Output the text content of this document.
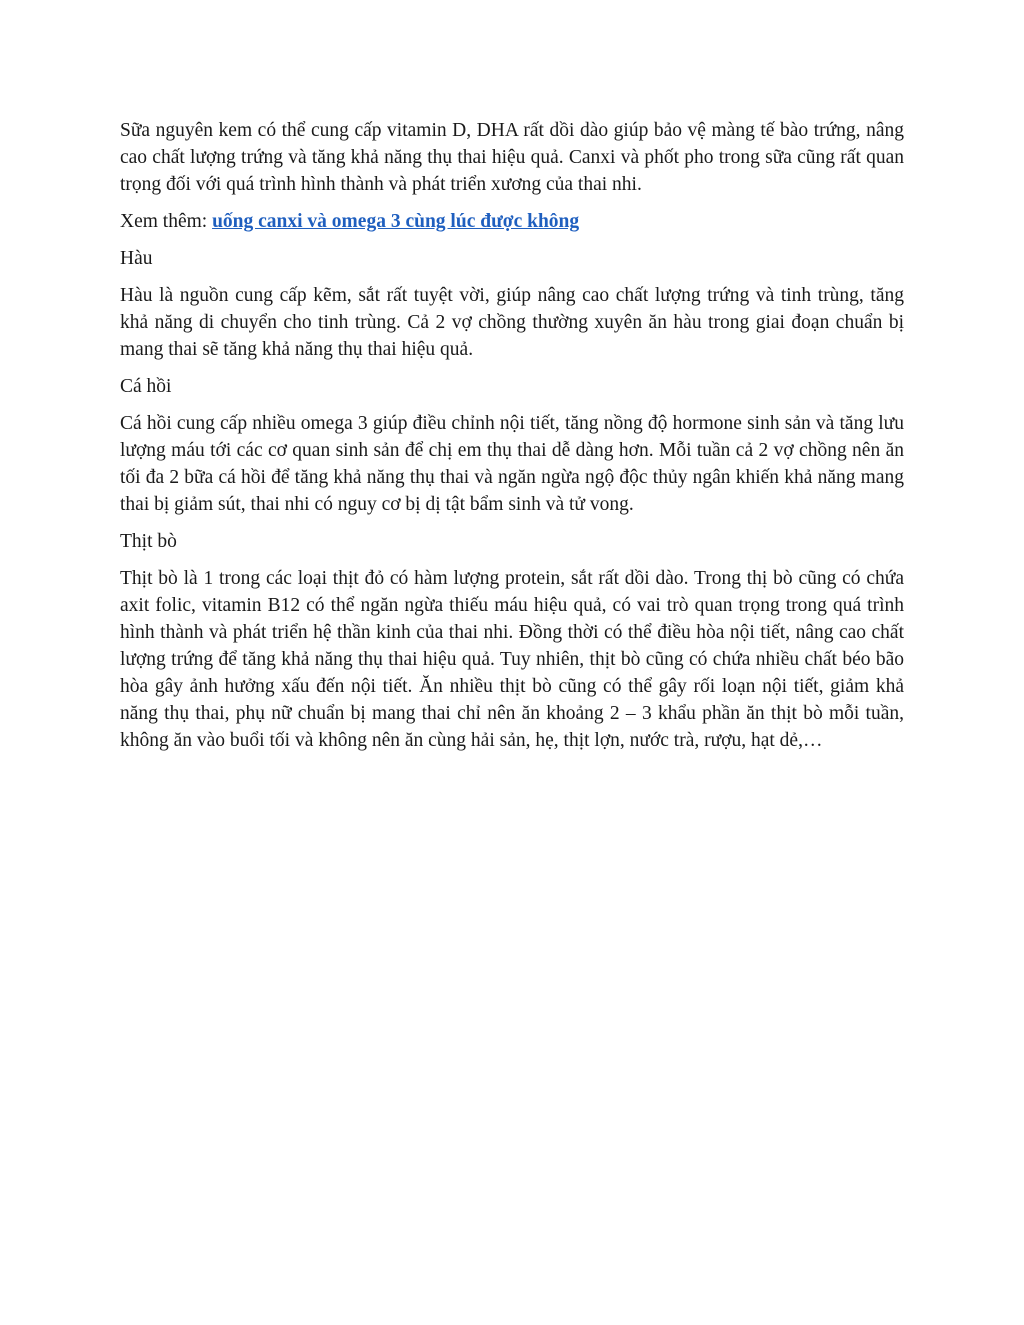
Sữa nguyên kem có thể cung cấp vitamin D, DHA rất dồi dào giúp bảo vệ màng tế bào trứng, nâng cao chất lượng trứng và tăng khả năng thụ thai hiệu quả. Canxi và phốt pho trong sữa cũng rất quan trọng đối với quá trình hình thành và phát triển xương của thai nhi.

Xem thêm: uống canxi và omega 3 cùng lúc được không

Hàu

Hàu là nguồn cung cấp kẽm, sắt rất tuyệt vời, giúp nâng cao chất lượng trứng và tinh trùng, tăng khả năng di chuyển cho tinh trùng. Cả 2 vợ chồng thường xuyên ăn hàu trong giai đoạn chuẩn bị mang thai sẽ tăng khả năng thụ thai hiệu quả.

Cá hồi

Cá hồi cung cấp nhiều omega 3 giúp điều chỉnh nội tiết, tăng nồng độ hormone sinh sản và tăng lưu lượng máu tới các cơ quan sinh sản để chị em thụ thai dễ dàng hơn. Mỗi tuần cả 2 vợ chồng nên ăn tối đa 2 bữa cá hồi để tăng khả năng thụ thai và ngăn ngừa ngộ độc thủy ngân khiến khả năng mang thai bị giảm sút, thai nhi có nguy cơ bị dị tật bẩm sinh và tử vong.

Thịt bò

Thịt bò là 1 trong các loại thịt đỏ có hàm lượng protein, sắt rất dồi dào. Trong thị bò cũng có chứa axit folic, vitamin B12 có thể ngăn ngừa thiếu máu hiệu quả, có vai trò quan trọng trong quá trình hình thành và phát triển hệ thần kinh của thai nhi. Đồng thời có thể điều hòa nội tiết, nâng cao chất lượng trứng để tăng khả năng thụ thai hiệu quả. Tuy nhiên, thịt bò cũng có chứa nhiều chất béo bão hòa gây ảnh hưởng xấu đến nội tiết. Ăn nhiều thịt bò cũng có thể gây rối loạn nội tiết, giảm khả năng thụ thai, phụ nữ chuẩn bị mang thai chỉ nên ăn khoảng 2 – 3 khẩu phần ăn thịt bò mỗi tuần, không ăn vào buổi tối và không nên ăn cùng hải sản, hẹ, thịt lợn, nước trà, rượu, hạt dẻ,…
